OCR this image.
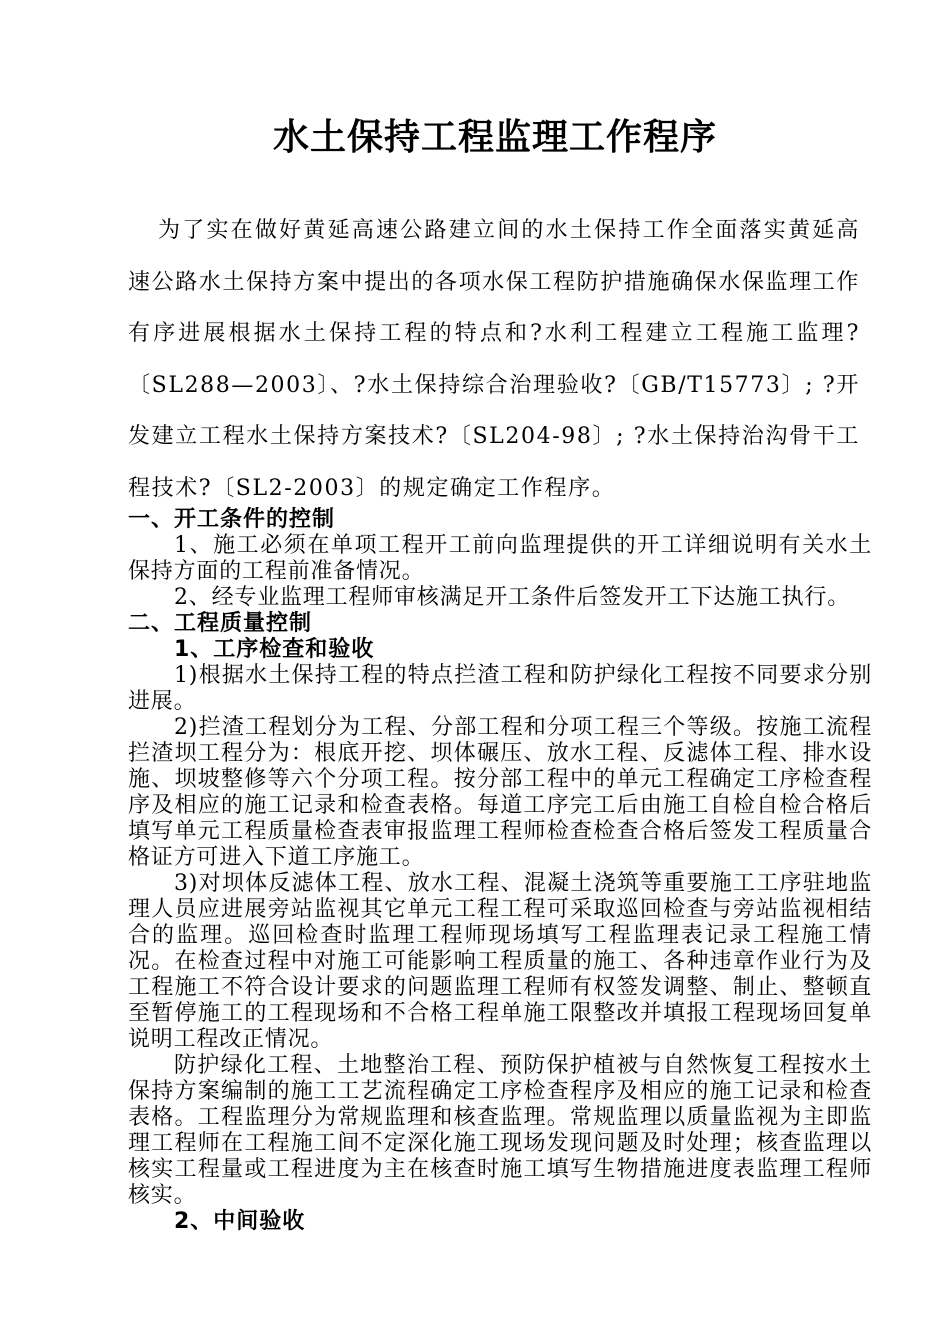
水土保持工程监理工作程序

为了实在做好黄延高速公路建立间的水土保持工作全面落实黄延高速公路水土保持方案中提出的各项水保工程防护措施确保水保监理工作有序进展根据水土保持工程的特点和?水利工程建立工程施工监理?〔SL288—2003〕、?水土保持综合治理验收?〔GB/T15773〕; ?开发建立工程水土保持方案技术?〔SL204-98〕; ?水土保持治沟骨干工程技术?〔SL2-2003〕的规定确定工作程序。

一、开工条件的控制

1、施工必须在单项工程开工前向监理提供的开工详细说明有关水土保持方面的工程前准备情况。

2、经专业监理工程师审核满足开工条件后签发开工下达施工执行。

二、工程质量控制

1、工序检查和验收

1)根据水土保持工程的特点拦渣工程和防护绿化工程按不同要求分别进展。

2)拦渣工程划分为工程、分部工程和分项工程三个等级。按施工流程拦渣坝工程分为：根底开挖、坝体碾压、放水工程、反滤体工程、排水设施、坝坡整修等六个分项工程。按分部工程中的单元工程确定工序检查程序及相应的施工记录和检查表格。每道工序完工后由施工自检自检合格后填写单元工程质量检查表审报监理工程师检查检查合格后签发工程质量合格证方可进入下道工序施工。

3)对坝体反滤体工程、放水工程、混凝土浇筑等重要施工工序驻地监理人员应进展旁站监视其它单元工程工程可采取巡回检查与旁站监视相结合的监理。巡回检查时监理工程师现场填写工程监理表记录工程施工情况。在检查过程中对施工可能影响工程质量的施工、各种违章作业行为及工程施工不符合设计要求的问题监理工程师有权签发调整、制止、整顿直至暂停施工的工程现场和不合格工程单施工限整改并填报工程现场回复单说明工程改正情况。

防护绿化工程、土地整治工程、预防保护植被与自然恢复工程按水土保持方案编制的施工工艺流程确定工序检查程序及相应的施工记录和检查表格。工程监理分为常规监理和核查监理。常规监理以质量监视为主即监理工程师在工程施工间不定深化施工现场发现问题及时处理；核查监理以核实工程量或工程进度为主在核查时施工填写生物措施进度表监理工程师核实。

2、中间验收
